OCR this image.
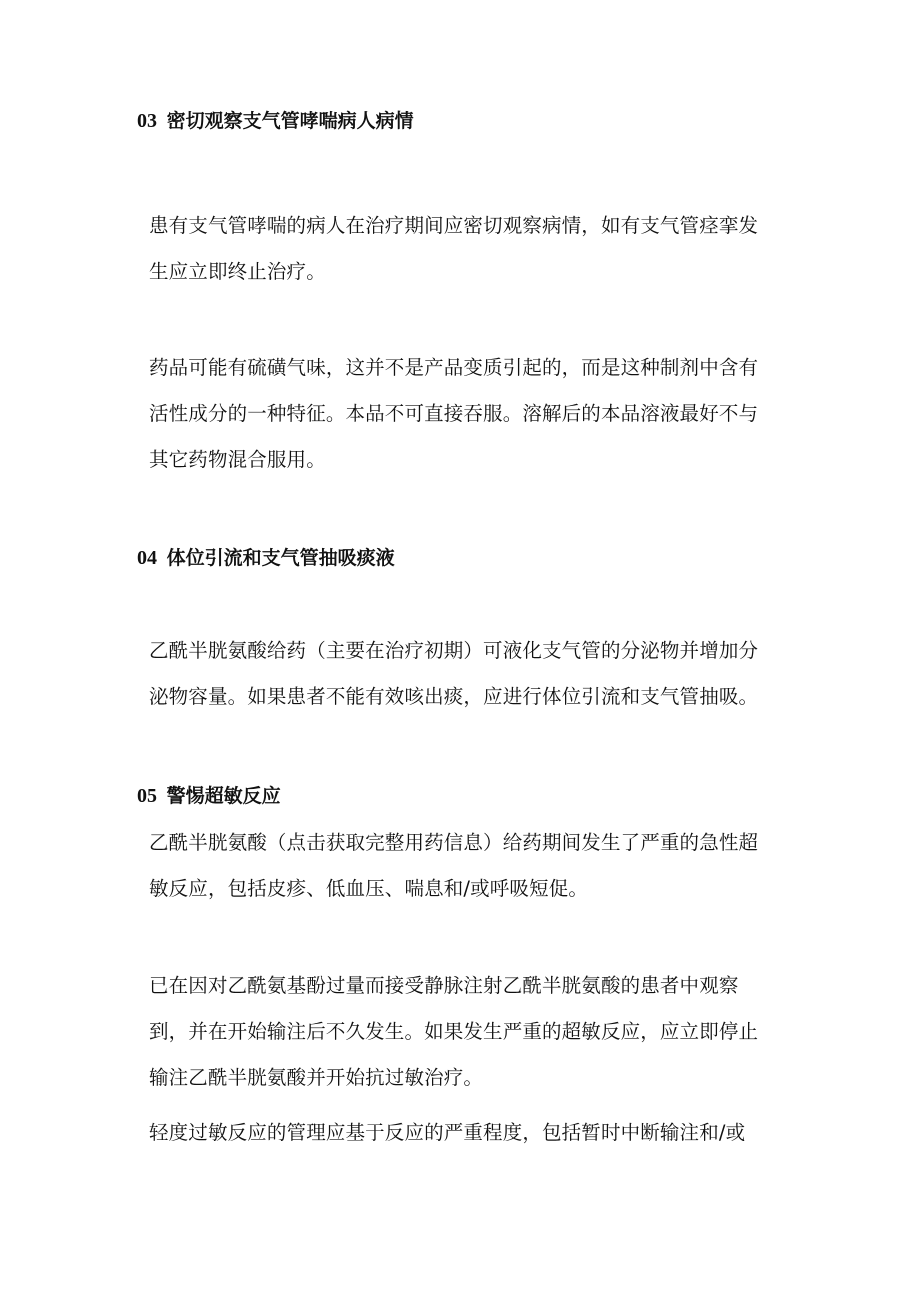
03 密切观察支气管哮喘病人病情

患有支气管哮喘的病人在治疗期间应密切观察病情，如有支气管痉挛发
生应立即终止治疗。

药品可能有硫磺气味，这并不是产品变质引起的，而是这种制剂中含有
活性成分的一种特征。本品不可直接吞服。溶解后的本品溶液最好不与
其它药物混合服用。

04 体位引流和支气管抽吸痰液

乙酰半胱氨酸给药（主要在治疗初期）可液化支气管的分泌物并增加分
泌物容量。如果患者不能有效咳出痰，应进行体位引流和支气管抽吸。

05 警惕超敏反应

乙酰半胱氨酸（点击获取完整用药信息）给药期间发生了严重的急性超
敏反应，包括皮疹、低血压、喘息和/或呼吸短促。

已在因对乙酰氨基酚过量而接受静脉注射乙酰半胱氨酸的患者中观察
到，并在开始输注后不久发生。如果发生严重的超敏反应，应立即停止
输注乙酰半胱氨酸并开始抗过敏治疗。

轻度过敏反应的管理应基于反应的严重程度，包括暂时中断输注和/或
